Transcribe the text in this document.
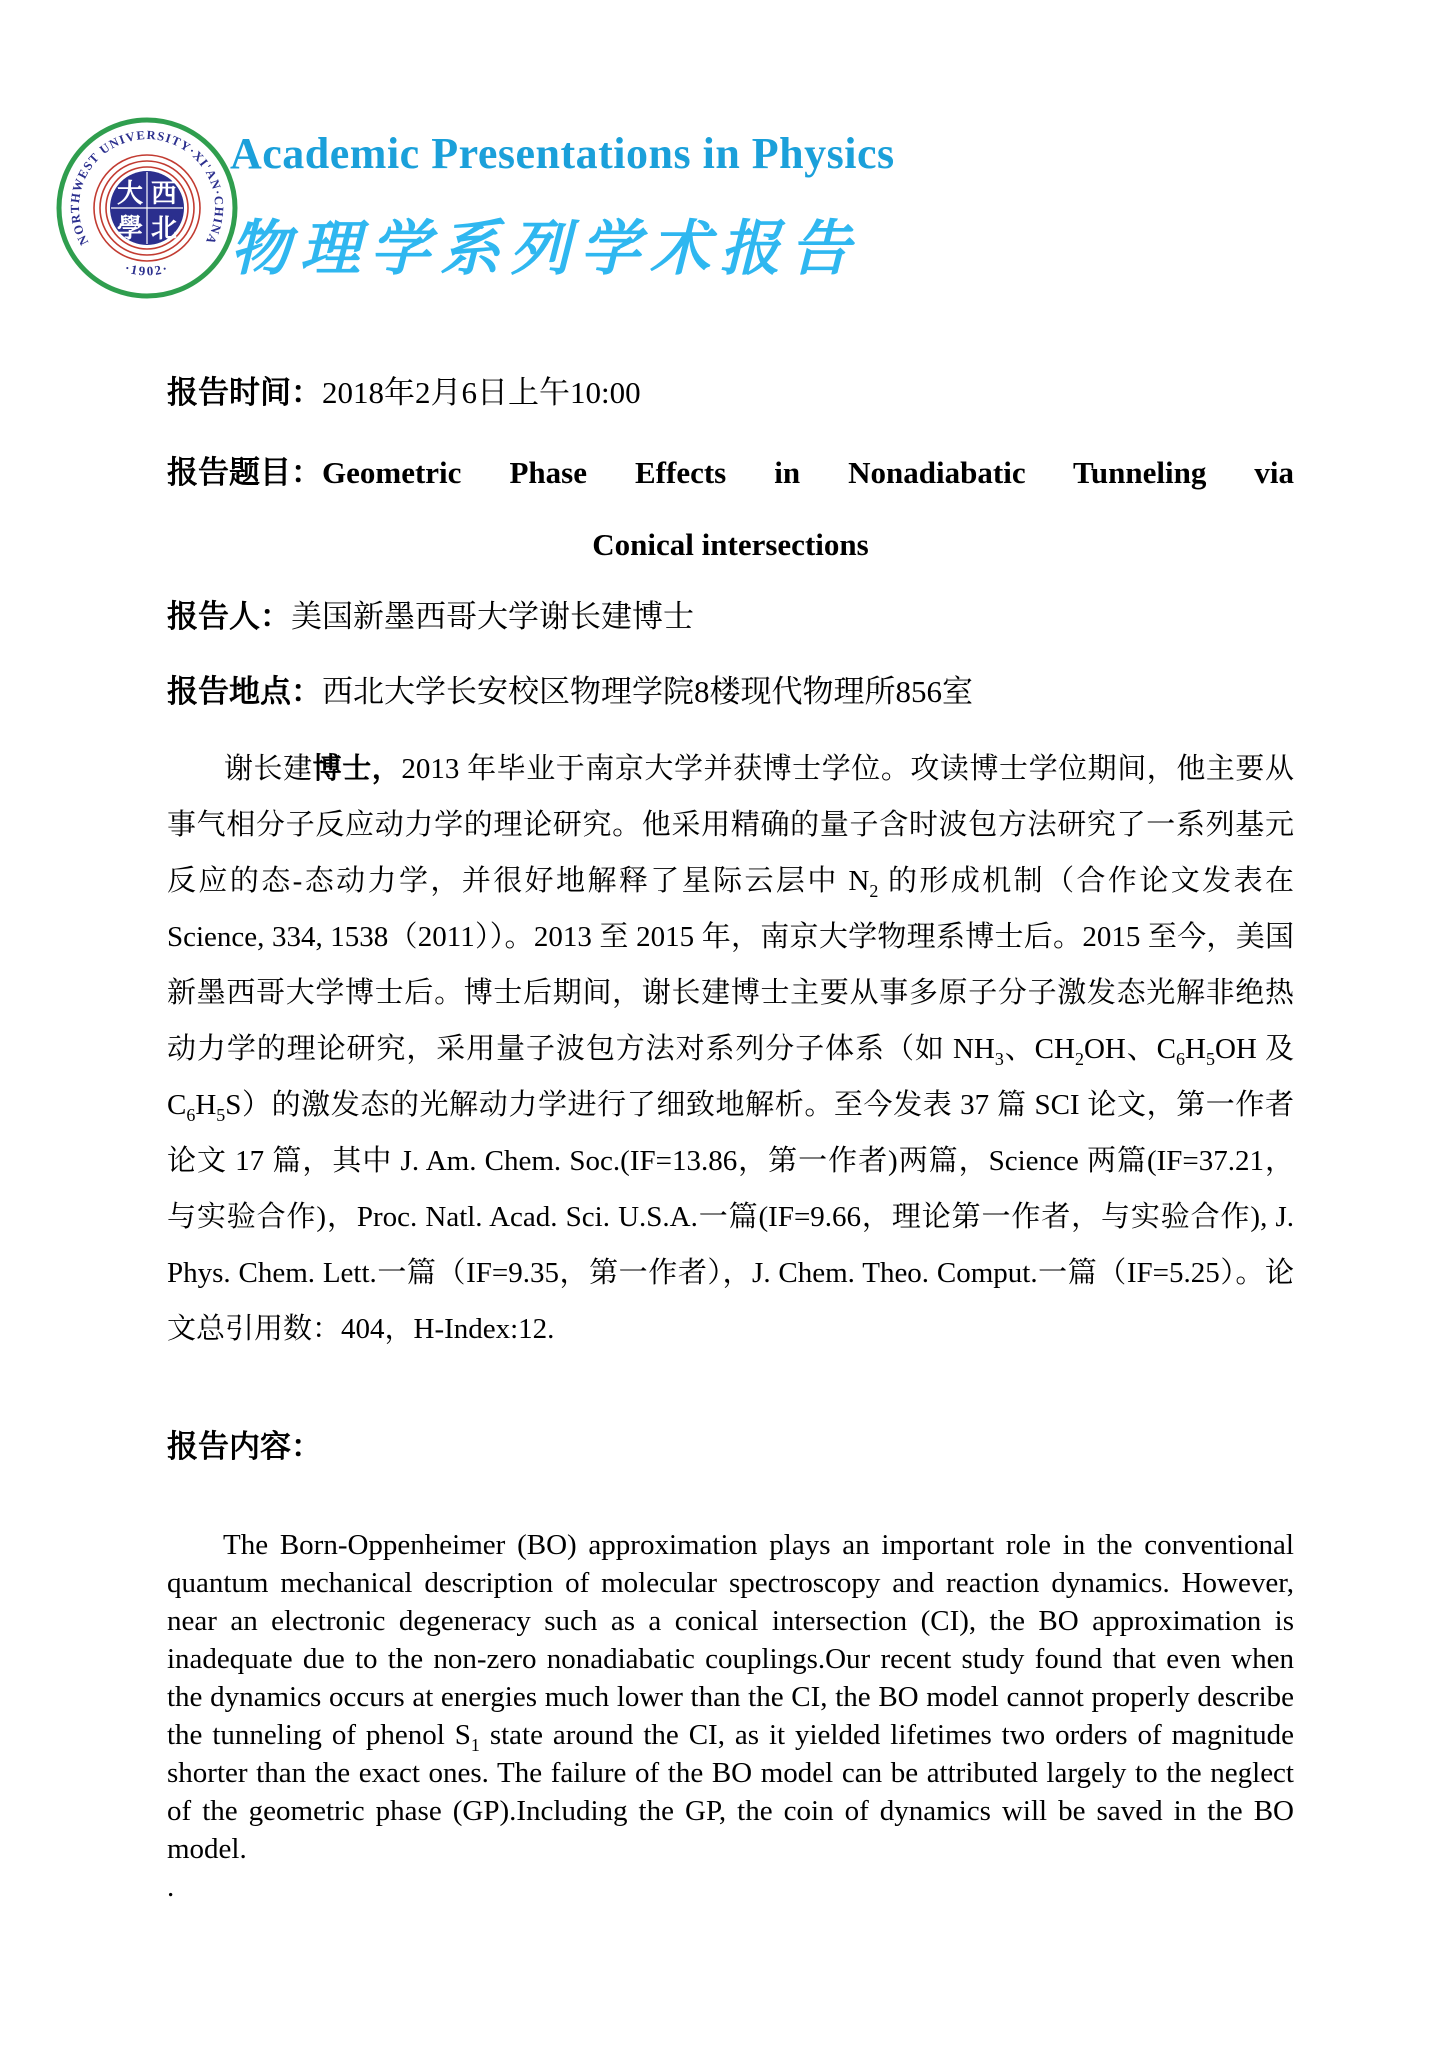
NORTHWEST UNIVERSITY·XI'AN·CHINA
·1902·
大
學
西
北
Academic Presentations in Physics
物理学系列学术报告
报告时间： 2018年2月6日上午10:00
报告题目： Geometric Phase Effects in Nonadiabatic Tunneling via
Conical intersections
报告人： 美国新墨西哥大学谢长建博士
报告地点： 西北大学长安校区物理学院8楼现代物理所856室

谢长建博士，2013 年毕业于南京大学并获博士学位。攻读博士学位期间，他主要从事气相分子反应动力学的理论研究。他采用精确的量子含时波包方法研究了一系列基元反应的态-态动力学，并很好地解释了星际云层中 $N_2$ 的形成机制（合作论文发表在 Science, 334, 1538（2011））。2013 至 2015 年，南京大学物理系博士后。2015 至今，美国新墨西哥大学博士后。博士后期间，谢长建博士主要从事多原子分子激发态光解非绝热动力学的理论研究，采用量子波包方法对系列分子体系（如 $NH_3$、$CH_2OH$、$C_6H_5OH$ 及 $C_6H_5S$）的激发态的光解动力学进行了细致地解析。至今发表 37 篇 SCI 论文，第一作者论文 17 篇，其中 J. Am. Chem. Soc.(IF=13.86，第一作者)两篇，Science 两篇(IF=37.21，与实验合作)，Proc. Natl. Acad. Sci. U.S.A.一篇(IF=9.66，理论第一作者，与实验合作), J. Phys. Chem. Lett.一篇（IF=9.35，第一作者），J. Chem. Theo. Comput.一篇（IF=5.25）。论文总引用数：404，H-Index:12.

报告内容：

The Born-Oppenheimer (BO) approximation plays an important role in the conventional quantum mechanical description of molecular spectroscopy and reaction dynamics. However, near an electronic degeneracy such as a conical intersection (CI), the BO approximation is inadequate due to the non-zero nonadiabatic couplings.Our recent study found that even when the dynamics occurs at energies much lower than the CI, the BO model cannot properly describe the tunneling of phenol $S_1$ state around the CI, as it yielded lifetimes two orders of magnitude shorter than the exact ones. The failure of the BO model can be attributed largely to the neglect of the geometric phase (GP).Including the GP, the coin of dynamics will be saved in the BO model.

.
